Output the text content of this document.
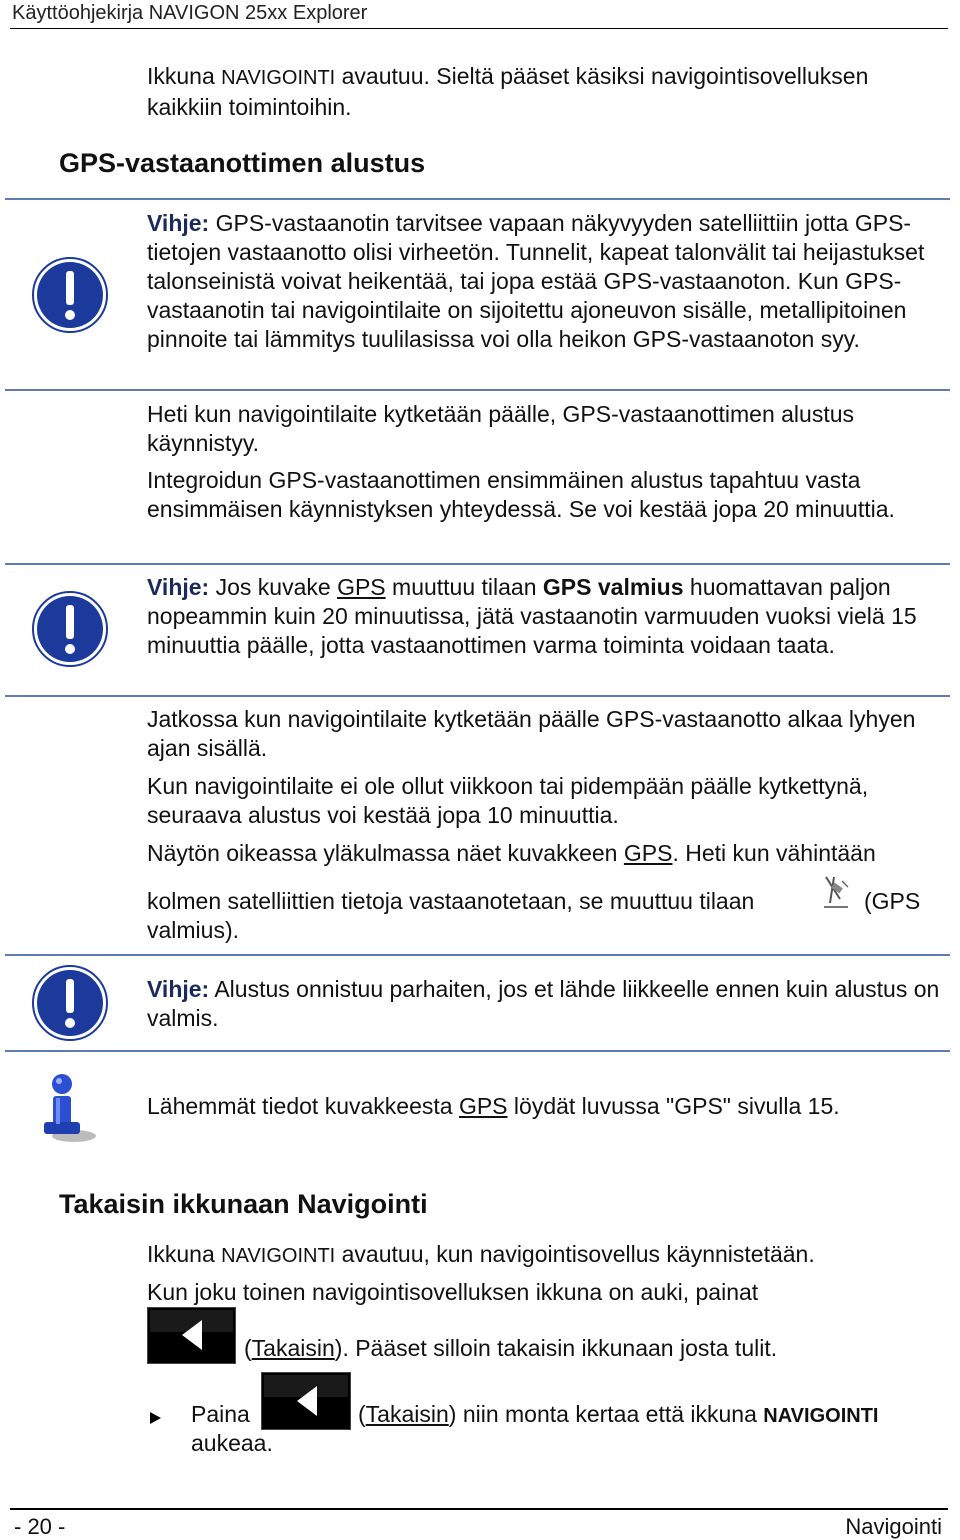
Käyttöohjekirja NAVIGON 25xx Explorer
Ikkuna NAVIGOINTI avautuu. Sieltä pääset käsiksi navigointisovelluksen kaikkiin toimintoihin.
GPS-vastaanottimen alustus
Vihje: GPS-vastaanotin tarvitsee vapaan näkyvyyden satelliittiin jotta GPS-tietojen vastaanotto olisi virheetön. Tunnelit, kapeat talonvälit tai heijastukset talonseinistä voivat heikentää, tai jopa estää GPS-vastaanoton. Kun GPS-vastaanotin tai navigointilaite on sijoitettu ajoneuvon sisälle, metallipitoinen pinnoite tai lämmitys tuulilasissa voi olla heikon GPS-vastaanoton syy.
Heti kun navigointilaite kytketään päälle, GPS-vastaanottimen alustus käynnistyy.
Integroidun GPS-vastaanottimen ensimmäinen alustus tapahtuu vasta ensimmäisen käynnistyksen yhteydessä. Se voi kestää jopa 20 minuuttia.
Vihje: Jos kuvake GPS muuttuu tilaan GPS valmius huomattavan paljon nopeammin kuin 20 minuutissa, jätä vastaanotin varmuuden vuoksi vielä 15 minuuttia päälle, jotta vastaanottimen varma toiminta voidaan taata.
Jatkossa kun navigointilaite kytketään päälle GPS-vastaanotto alkaa lyhyen ajan sisällä.
Kun navigointilaite ei ole ollut viikkoon tai pidempään päälle kytkettynä, seuraava alustus voi kestää jopa 10 minuuttia.
Näytön oikeassa yläkulmassa näet kuvakkeen GPS. Heti kun vähintään
kolmen satelliittien tietoja vastaanotetaan, se muuttuu tilaan	(GPS
valmius).
Vihje: Alustus onnistuu parhaiten, jos et lähde liikkeelle ennen kuin alustus on valmis.
Lähemmät tiedot kuvakkeesta GPS löydät luvussa "GPS" sivulla 15.
Takaisin ikkunaan Navigointi
Ikkuna NAVIGOINTI avautuu, kun navigointisovellus käynnistetään.
Kun joku toinen navigointisovelluksen ikkuna on auki, painat
(Takaisin). Pääset silloin takaisin ikkunaan josta tulit.
Paina	(Takaisin) niin monta kertaa että ikkuna NAVIGOINTI
aukeaa.
- 20 -	Navigointi
